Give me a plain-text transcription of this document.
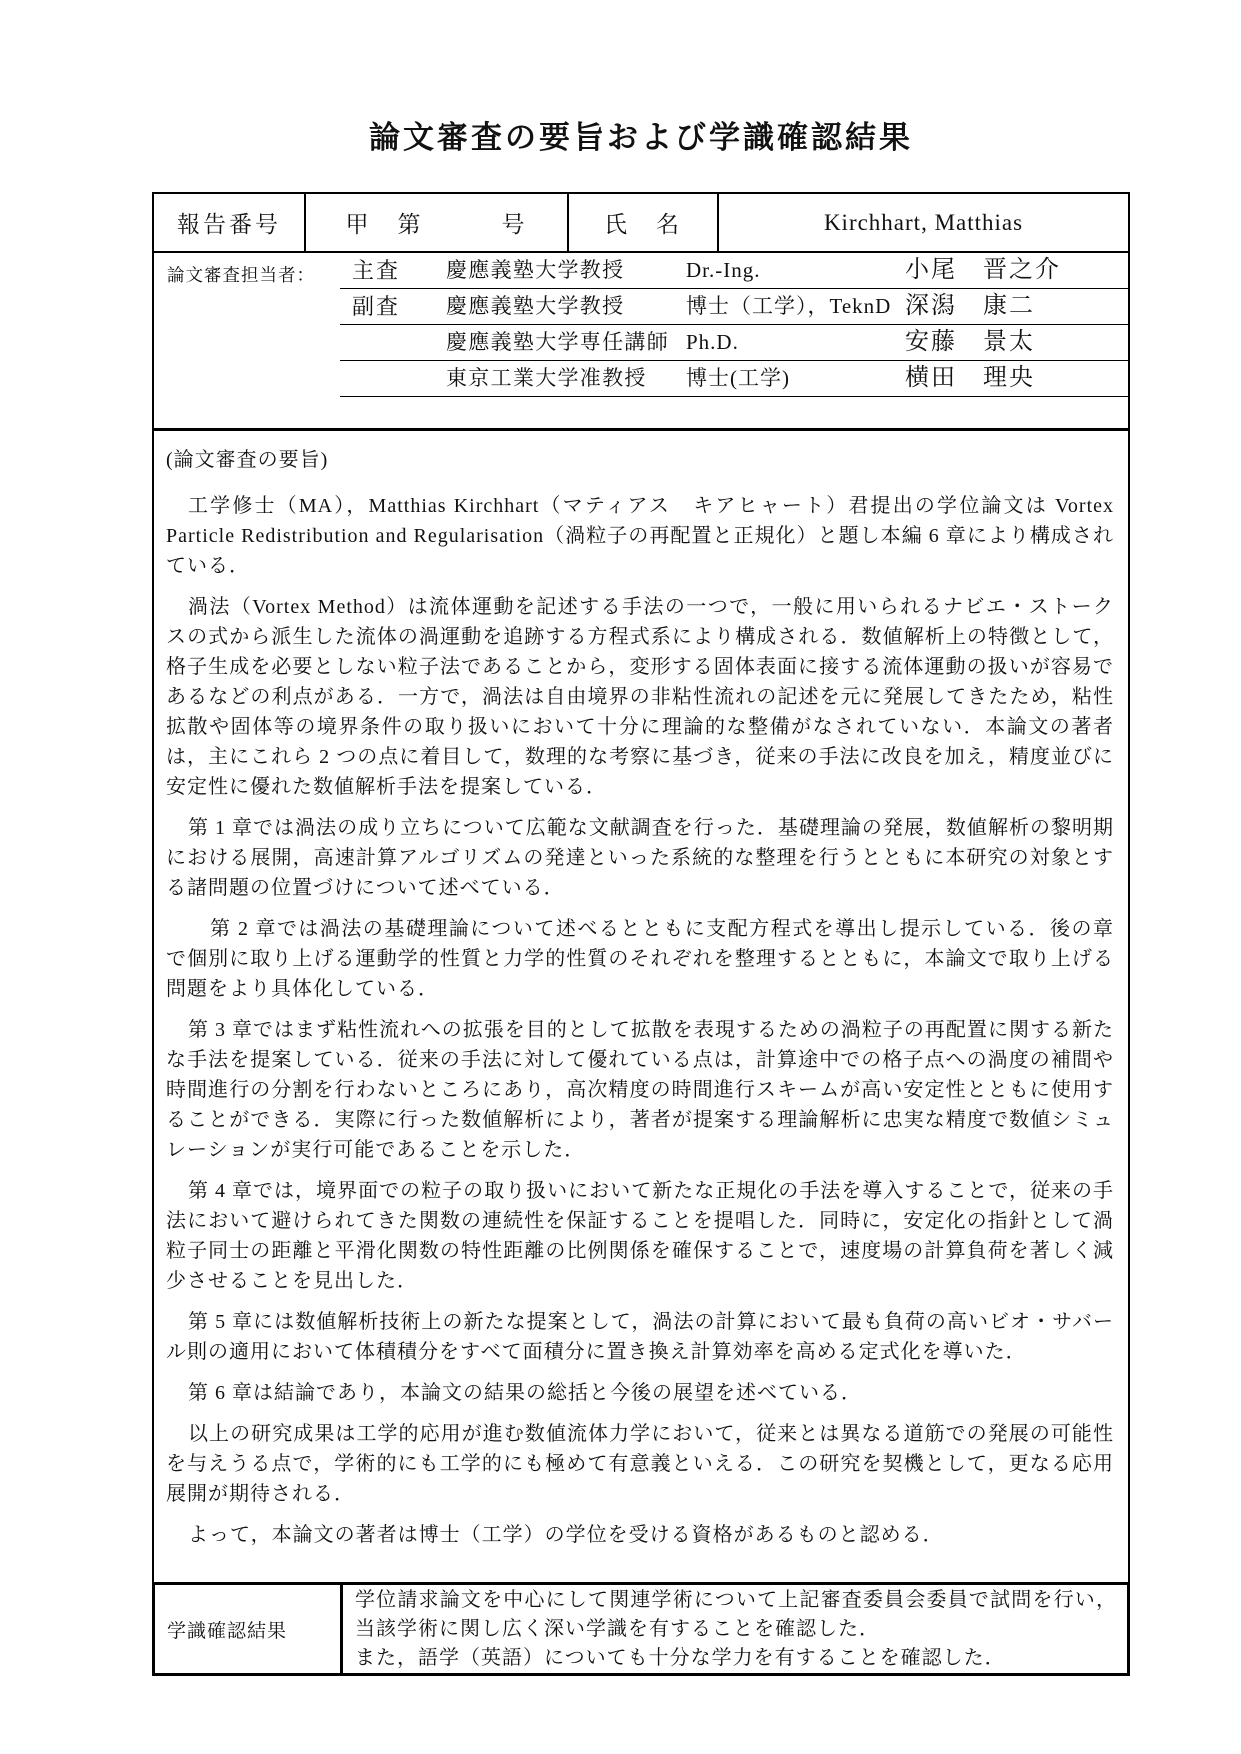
論文審査の要旨および学識確認結果
報告番号	甲　第　　　号	氏　名	Kirchhart, Matthias
論文審査担当者： 主査 慶應義塾大学教授	Dr.-Ing.	小尾　晋之介
副査 慶應義塾大学教授	博士（工学），TeknD 深潟　康二
慶應義塾大学専任講師 Ph.D.	安藤　景太
東京工業大学准教授 博士(工学)	横田　理央
(論文審査の要旨)

工学修士（MA），Matthias Kirchhart（マティアス　キアヒャート）君提出の学位論文は Vortex Particle Redistribution and Regularisation（渦粒子の再配置と正規化）と題し本編 6 章により構成されている．

渦法（Vortex Method）は流体運動を記述する手法の一つで，一般に用いられるナビエ・ストークスの式から派生した流体の渦運動を追跡する方程式系により構成される．数値解析上の特徴として，格子生成を必要としない粒子法であることから，変形する固体表面に接する流体運動の扱いが容易であるなどの利点がある．一方で，渦法は自由境界の非粘性流れの記述を元に発展してきたため，粘性拡散や固体等の境界条件の取り扱いにおいて十分に理論的な整備がなされていない．本論文の著者は，主にこれら 2 つの点に着目して，数理的な考察に基づき，従来の手法に改良を加え，精度並びに安定性に優れた数値解析手法を提案している．

第 1 章では渦法の成り立ちについて広範な文献調査を行った．基礎理論の発展，数値解析の黎明期における展開，高速計算アルゴリズムの発達といった系統的な整理を行うとともに本研究の対象とする諸問題の位置づけについて述べている．

第 2 章では渦法の基礎理論について述べるとともに支配方程式を導出し提示している．後の章で個別に取り上げる運動学的性質と力学的性質のそれぞれを整理するとともに，本論文で取り上げる問題をより具体化している．

第 3 章ではまず粘性流れへの拡張を目的として拡散を表現するための渦粒子の再配置に関する新たな手法を提案している．従来の手法に対して優れている点は，計算途中での格子点への渦度の補間や時間進行の分割を行わないところにあり，高次精度の時間進行スキームが高い安定性とともに使用することができる．実際に行った数値解析により，著者が提案する理論解析に忠実な精度で数値シミュレーションが実行可能であることを示した．

第 4 章では，境界面での粒子の取り扱いにおいて新たな正規化の手法を導入することで，従来の手法において避けられてきた関数の連続性を保証することを提唱した．同時に，安定化の指針として渦粒子同士の距離と平滑化関数の特性距離の比例関係を確保することで，速度場の計算負荷を著しく減少させることを見出した．

第 5 章には数値解析技術上の新たな提案として，渦法の計算において最も負荷の高いビオ・サバール則の適用において体積積分をすべて面積分に置き換え計算効率を高める定式化を導いた．

第 6 章は結論であり，本論文の結果の総括と今後の展望を述べている．

以上の研究成果は工学的応用が進む数値流体力学において，従来とは異なる道筋での発展の可能性を与えうる点で，学術的にも工学的にも極めて有意義といえる．この研究を契機として，更なる応用展開が期待される．

よって，本論文の著者は博士（工学）の学位を受ける資格があるものと認める．

学識確認結果
学位請求論文を中心にして関連学術について上記審査委員会委員で試問を行い，当該学術に関し広く深い学識を有することを確認した．
また，語学（英語）についても十分な学力を有することを確認した．
